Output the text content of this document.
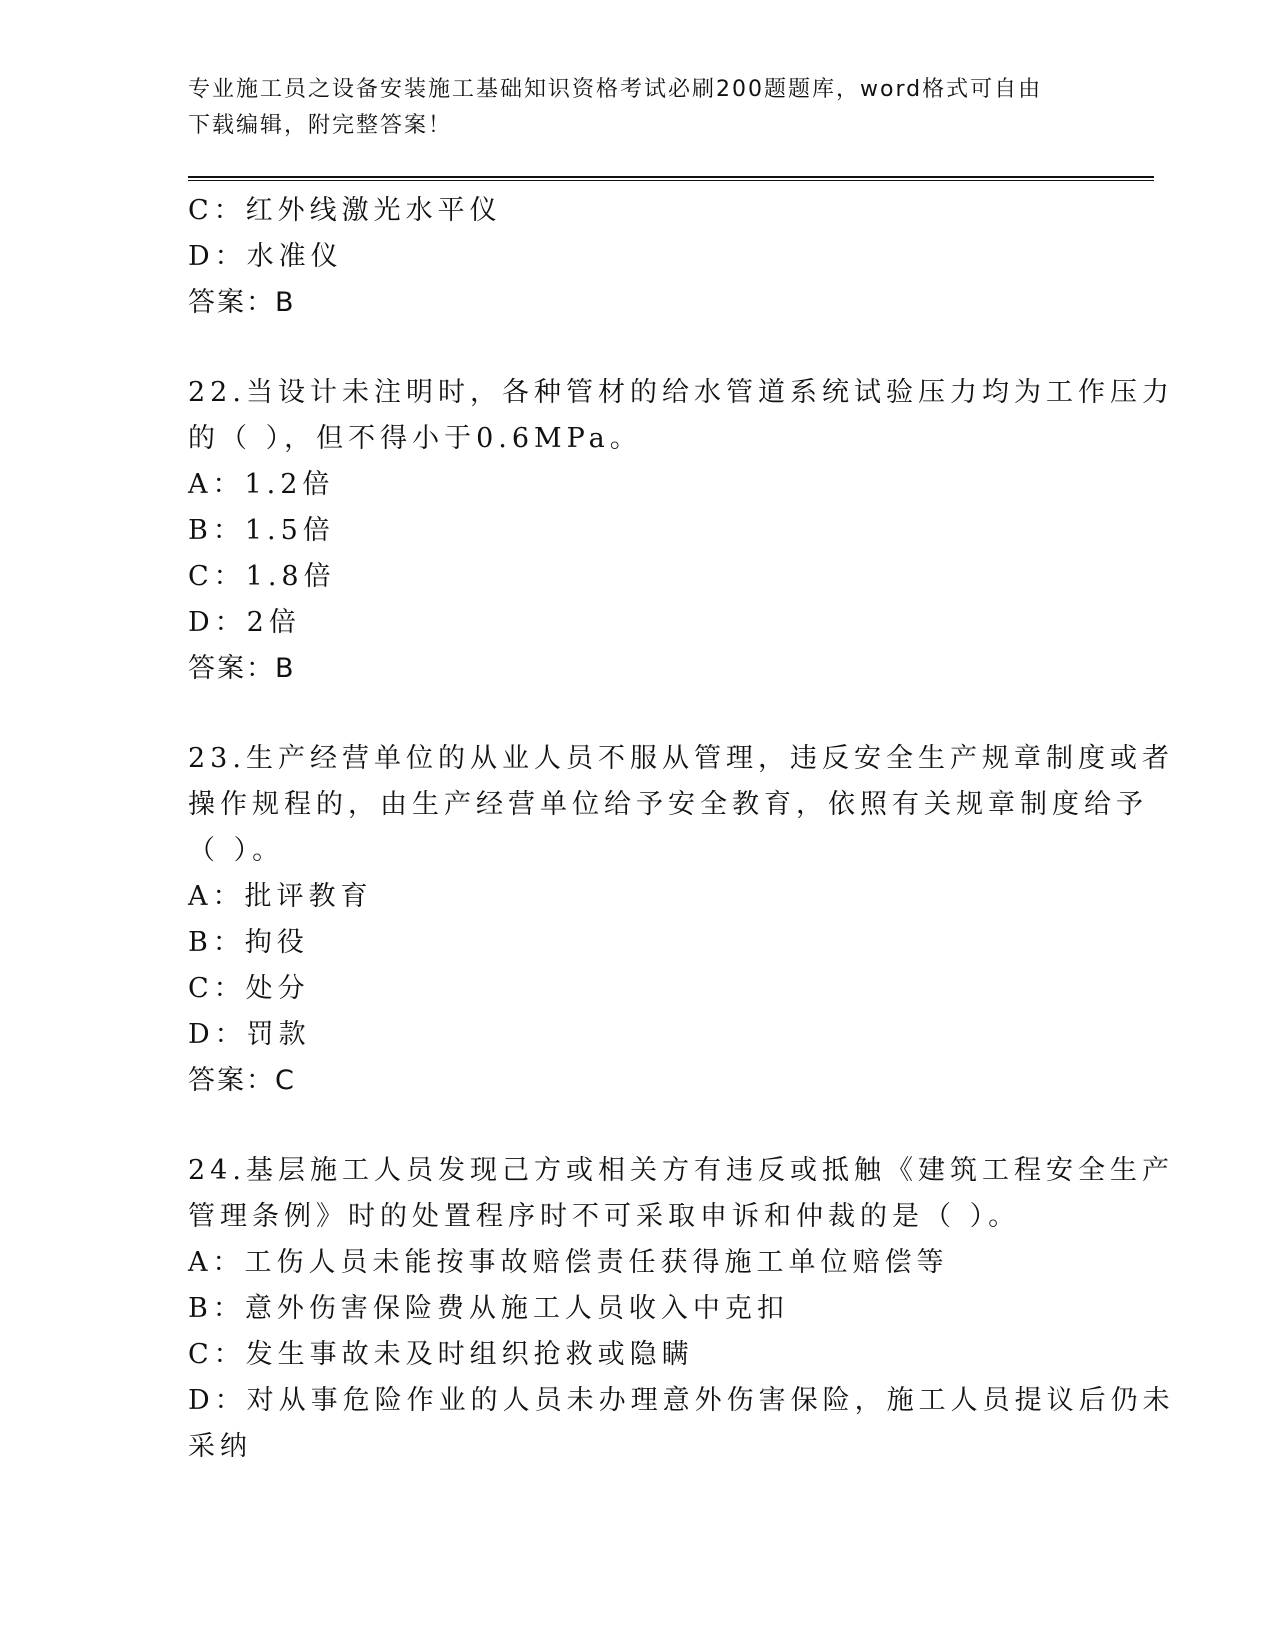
专业施工员之设备安装施工基础知识资格考试必刷200题题库，word格式可自由
下载编辑，附完整答案！
C：红外线激光水平仪
D：水准仪
答案：B
22.当设计未注明时，各种管材的给水管道系统试验压力均为工作压力
的（ ），但不得小于0.6MPa。
A：1.2倍
B：1.5倍
C：1.8倍
D：2倍
答案：B
23.生产经营单位的从业人员不服从管理，违反安全生产规章制度或者
操作规程的，由生产经营单位给予安全教育，依照有关规章制度给予
（ ）。
A：批评教育
B：拘役
C：处分
D：罚款
答案：C
24.基层施工人员发现己方或相关方有违反或抵触《建筑工程安全生产
管理条例》时的处置程序时不可采取申诉和仲裁的是（ ）。
A：工伤人员未能按事故赔偿责任获得施工单位赔偿等
B：意外伤害保险费从施工人员收入中克扣
C：发生事故未及时组织抢救或隐瞒
D：对从事危险作业的人员未办理意外伤害保险，施工人员提议后仍未
采纳
